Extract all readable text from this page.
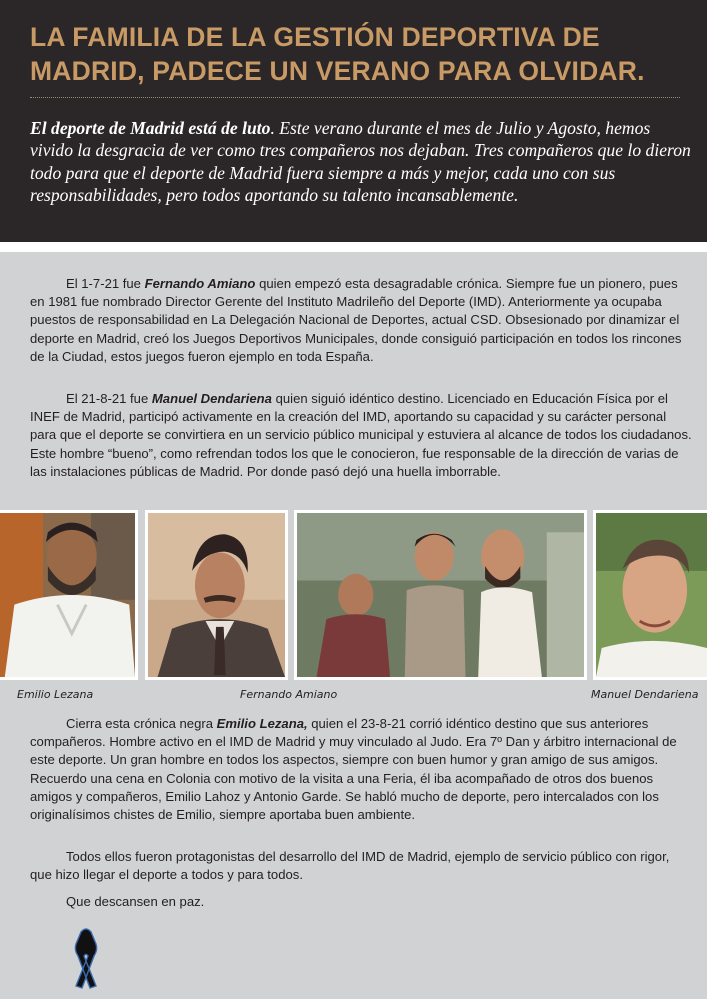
LA FAMILIA DE LA GESTIÓN DEPORTIVA DE MADRID, PADECE UN VERANO PARA OLVIDAR.

El deporte de Madrid está de luto. Este verano durante el mes de Julio y Agosto, hemos vivido la desgracia de ver como tres compañeros nos dejaban. Tres compañeros que lo dieron todo para que el deporte de Madrid fuera siempre a más y mejor, cada uno con sus responsabilidades, pero todos aportando su talento incansablemente.

El 1-7-21 fue Fernando Amiano quien empezó esta desagradable crónica. Siempre fue un pionero, pues en 1981 fue nombrado Director Gerente del Instituto Madrileño del Deporte (IMD). Anteriormente ya ocupaba puestos de responsabilidad en La Delegación Nacional de Deportes, actual CSD. Obsesionado por dinamizar el deporte en Madrid, creó los Juegos Deportivos Municipales, donde consiguió participación en todos los rincones de la Ciudad, estos juegos fueron ejemplo en toda España.

El 21-8-21 fue Manuel Dendariena quien siguió idéntico destino. Licenciado en Educación Física por el INEF de Madrid, participó activamente en la creación del IMD, aportando su capacidad y su carácter personal para que el deporte se convirtiera en un servicio público municipal y estuviera al alcance de todos los ciudadanos. Este hombre “bueno”, como refrendan todos los que le conocieron, fue responsable de la dirección de varias de las instalaciones públicas de Madrid. Por donde pasó dejó una huella imborrable.

Emilio Lezana	Fernando Amiano	Manuel Dendariena

Cierra esta crónica negra Emilio Lezana, quien el 23-8-21 corrió idéntico destino que sus anteriores compañeros. Hombre activo en el IMD de Madrid y muy vinculado al Judo. Era 7º Dan y árbitro internacional de este deporte. Un gran hombre en todos los aspectos, siempre con buen humor y gran amigo de sus amigos. Recuerdo una cena en Colonia con motivo de la visita a una Feria, él iba acompañado de otros dos buenos amigos y compañeros, Emilio Lahoz y Antonio Garde. Se habló mucho de deporte, pero intercalados con los originalísimos chistes de Emilio, siempre aportaba buen ambiente.

Todos ellos fueron protagonistas del desarrollo del IMD de Madrid, ejemplo de servicio público con rigor, que hizo llegar el deporte a todos y para todos.

Que descansen en paz.
